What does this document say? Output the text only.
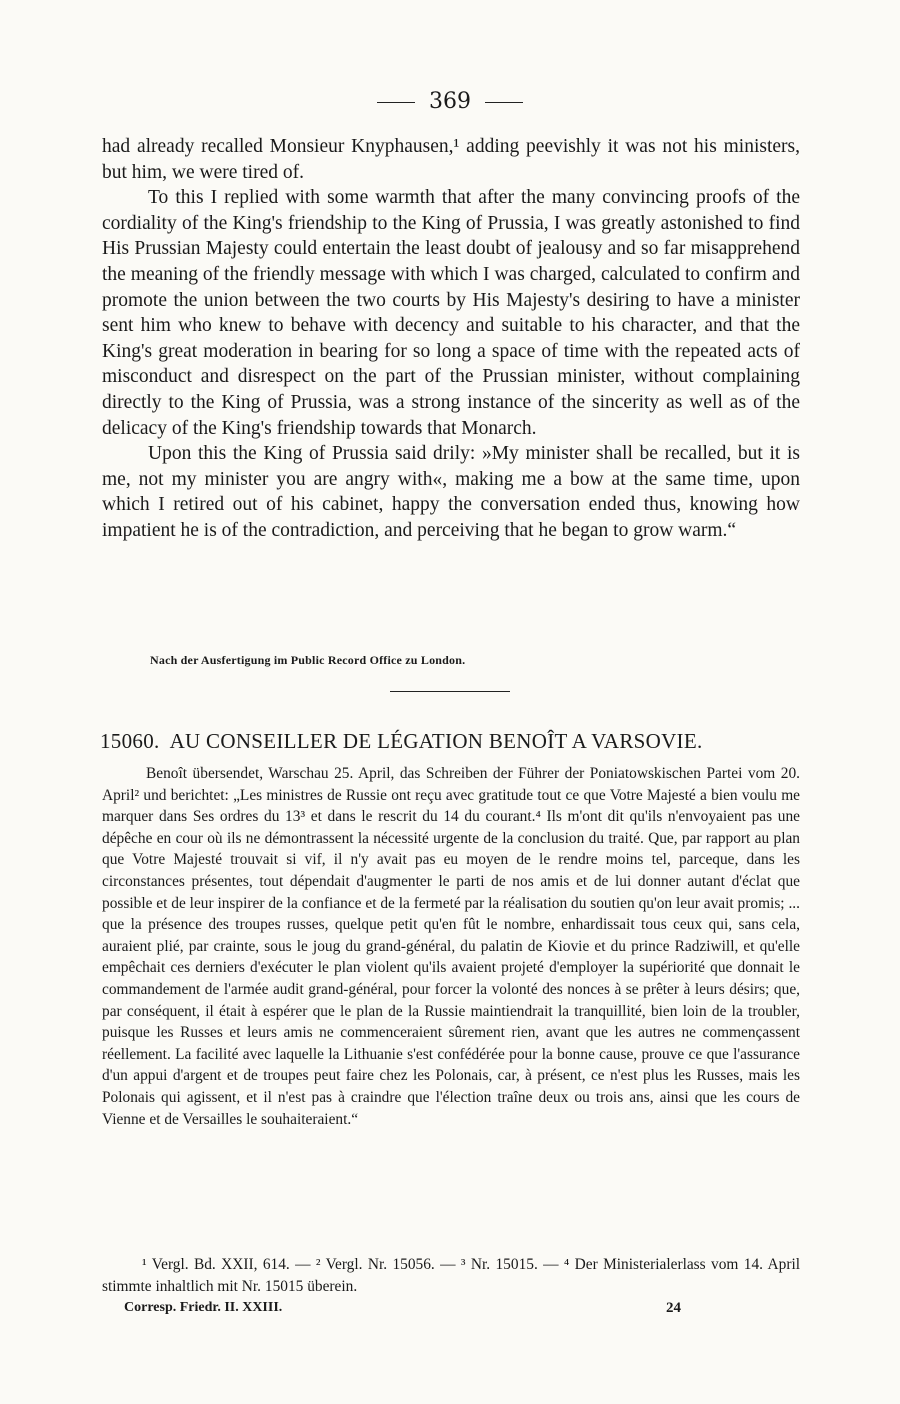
369

had already recalled Monsieur Knyphausen,¹ adding peevishly it was not his ministers, but him, we were tired of.

To this I replied with some warmth that after the many convincing proofs of the cordiality of the King's friendship to the King of Prussia, I was greatly astonished to find His Prussian Majesty could entertain the least doubt of jealousy and so far misapprehend the meaning of the friendly message with which I was charged, calculated to confirm and promote the union between the two courts by His Majesty's desiring to have a minister sent him who knew to behave with decency and suitable to his character, and that the King's great moderation in bearing for so long a space of time with the repeated acts of misconduct and disrespect on the part of the Prussian minister, without complaining directly to the King of Prussia, was a strong instance of the sincerity as well as of the delicacy of the King's friendship towards that Monarch.

Upon this the King of Prussia said drily: »My minister shall be recalled, but it is me, not my minister you are angry with«, making me a bow at the same time, upon which I retired out of his cabinet, happy the conversation ended thus, knowing how impatient he is of the contradiction, and perceiving that he began to grow warm.“

Nach der Ausfertigung im Public Record Office zu London.
15060. AU CONSEILLER DE LÉGATION BENOÎT A VARSOVIE.

Benoît übersendet, Warschau 25. April, das Schreiben der Führer der Poniatowskischen Partei vom 20. April² und berichtet: „Les ministres de Russie ont reçu avec gratitude tout ce que Votre Majesté a bien voulu me marquer dans Ses ordres du 13³ et dans le rescrit du 14 du courant.⁴ Ils m'ont dit qu'ils n'envoyaient pas une dépêche en cour où ils ne démontrassent la nécessité urgente de la conclusion du traité. Que, par rapport au plan que Votre Majesté trouvait si vif, il n'y avait pas eu moyen de le rendre moins tel, parceque, dans les circonstances présentes, tout dépendait d'augmenter le parti de nos amis et de lui donner autant d'éclat que possible et de leur inspirer de la confiance et de la fermeté par la réalisation du soutien qu'on leur avait promis; ... que la présence des troupes russes, quelque petit qu'en fût le nombre, enhardissait tous ceux qui, sans cela, auraient plié, par crainte, sous le joug du grand-général, du palatin de Kiovie et du prince Radziwill, et qu'elle empêchait ces derniers d'exécuter le plan violent qu'ils avaient projeté d'employer la supériorité que donnait le commandement de l'armée audit grand-général, pour forcer la volonté des nonces à se prêter à leurs désirs; que, par conséquent, il était à espérer que le plan de la Russie maintiendrait la tranquillité, bien loin de la troubler, puisque les Russes et leurs amis ne commenceraient sûrement rien, avant que les autres ne commençassent réellement. La facilité avec laquelle la Lithuanie s'est confédérée pour la bonne cause, prouve ce que l'assurance d'un appui d'argent et de troupes peut faire chez les Polonais, car, à présent, ce n'est plus les Russes, mais les Polonais qui agissent, et il n'est pas à craindre que l'élection traîne deux ou trois ans, ainsi que les cours de Vienne et de Versailles le souhaiteraient.“

¹ Vergl. Bd. XXII, 614. — ² Vergl. Nr. 15056. — ³ Nr. 15015. — ⁴ Der Ministerialerlass vom 14. April stimmte inhaltlich mit Nr. 15015 überein.

Corresp. Friedr. II. XXIII.	24
